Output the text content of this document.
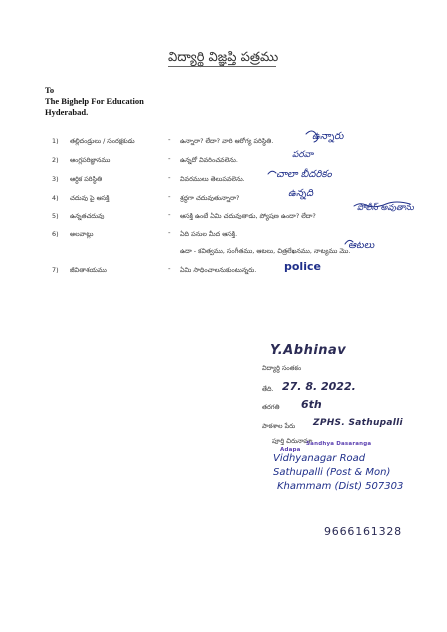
విద్యార్థి విజ్ఞప్తి పత్రము
To
The Bighelp For Education
Hyderabad.
1) తల్లిదండ్రులు / సంరక్షకుడు	- ఉన్నారా? లేదా? వారి ఆరోగ్య పరిస్థితి.
2) ఆంగ్లపరిజ్ఞానము	- ఉన్నదో వివరించవలెను.
3) ఆర్థిక పరిస్థితి	- వివరములు తెలుపవలెను.
4) చదువు పై ఆసక్తి	- శ్రద్ధగా చదువుతున్నారా?
5) ఉన్నతచదువు	- ఆసక్తి ఉంటే ఏమి చదువుతాడు, ప్యోషణ ఉందా? లేదా?
6) అలవాట్లు	- ఏది పనుల మీద ఆసక్తి.
ఉదా - కవిత్వము, సంగీతము, ఆటలు, చిత్రలేఖనము, నాట్యము మొ.
7) జీవితాశయము	- ఏమి సాధించాలనుకుంటున్నరు.
ఉన్నారు
పరవా
చాలా బీదరికం
ఉన్నది
పోలీస్ అవుతాను
ఆటలు
police
Y.Abhinav
విద్యార్థి సంతకం
తేది. 27. 8. 2022.
తరగతి 6th
పాఠశాల పేరు ZPHS. Sathupalli
పూర్తి చిరునామా
Adapa
Sandhya Dasaranga
Vidhyanagar Road
Sathupalli (Post & Mon)
Khammam (Dist) 507303
9666161328
